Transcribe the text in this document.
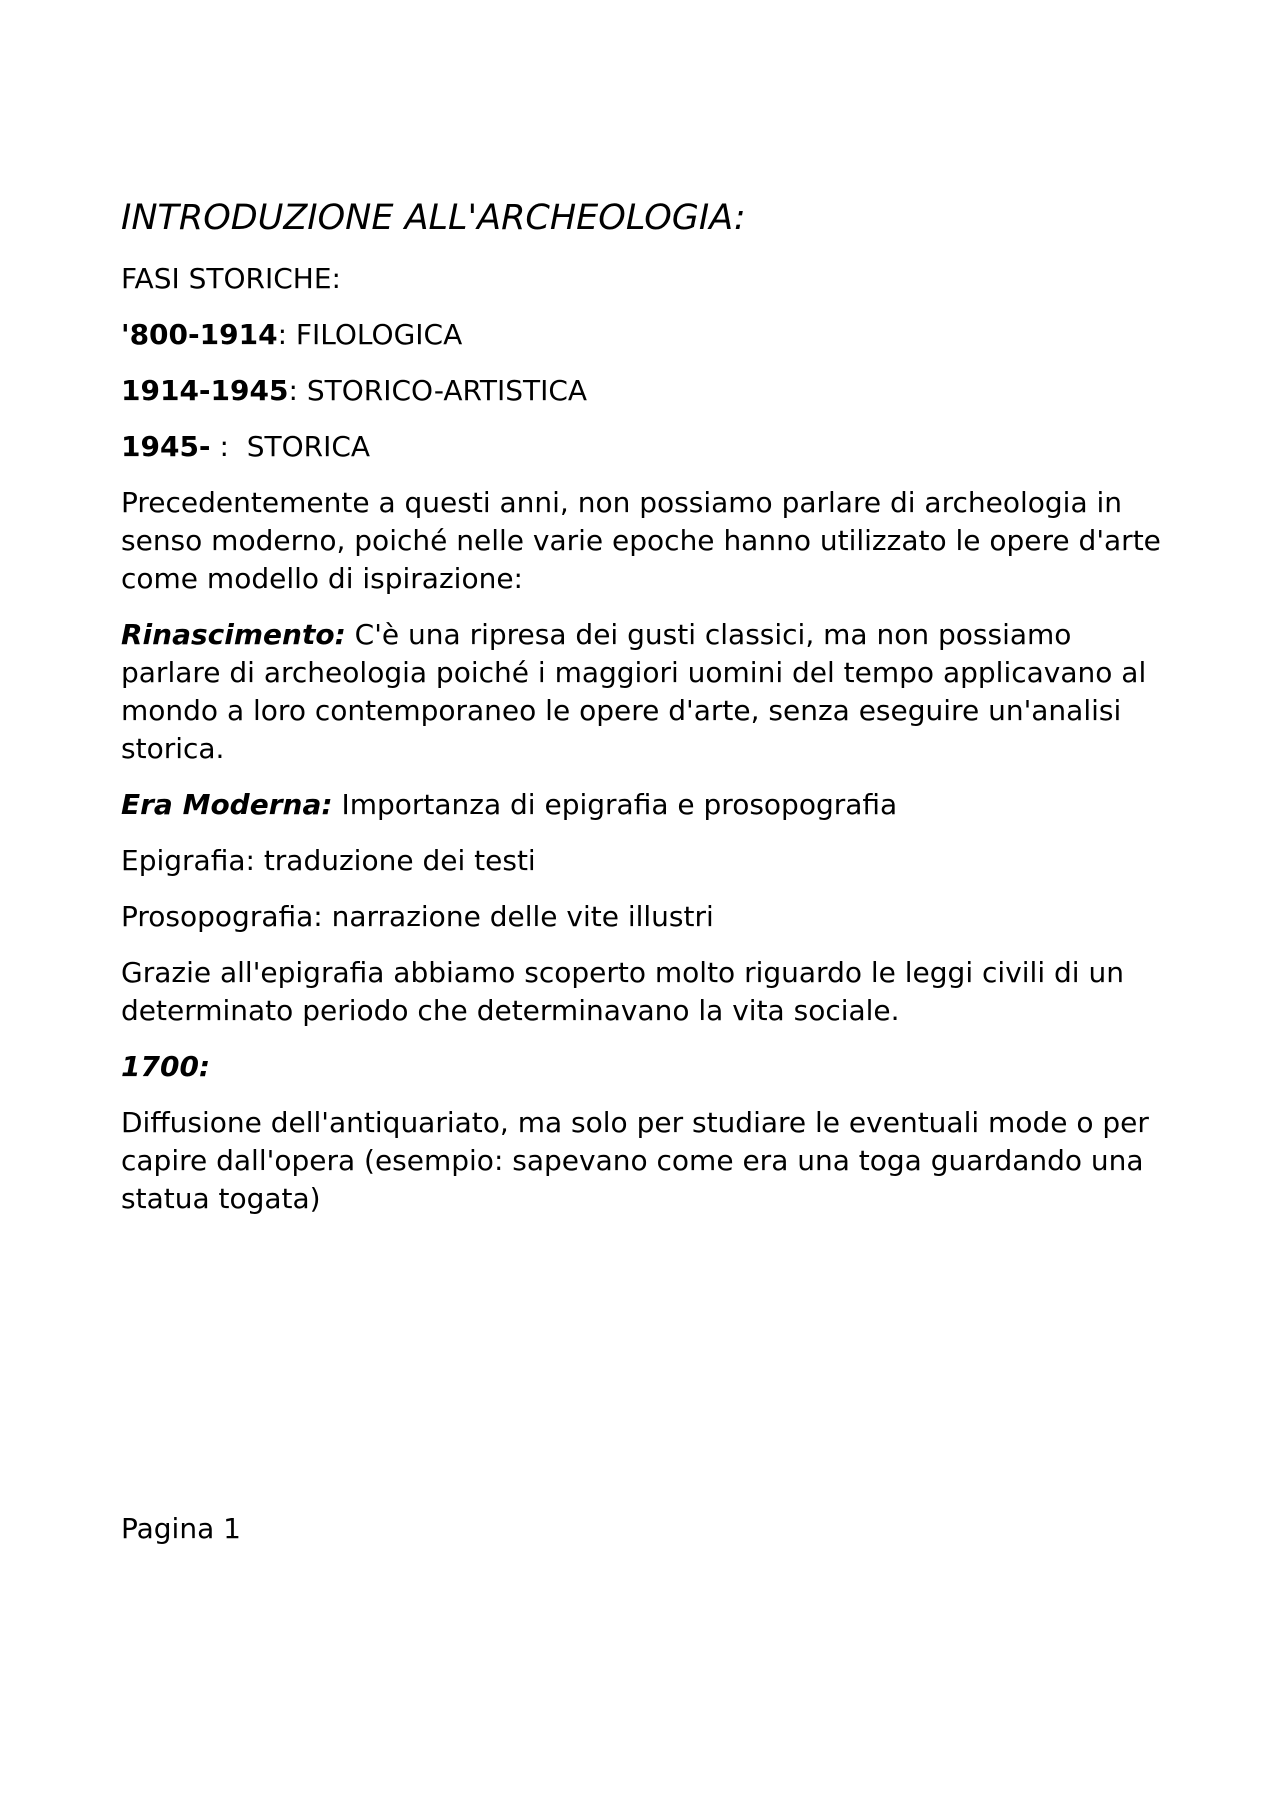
INTRODUZIONE ALL'ARCHEOLOGIA:
FASI STORICHE:
'800-1914: FILOLOGICA
1914-1945: STORICO-ARTISTICA
1945- :  STORICA
Precedentemente a questi anni, non possiamo parlare di archeologia in senso moderno, poiché nelle varie epoche hanno utilizzato le opere d'arte come modello di ispirazione:
Rinascimento: C'è una ripresa dei gusti classici, ma non possiamo parlare di archeologia poiché i maggiori uomini del tempo applicavano al mondo a loro contemporaneo le opere d'arte, senza eseguire un'analisi storica.
Era Moderna: Importanza di epigrafia e prosopografia
Epigrafia: traduzione dei testi
Prosopografia: narrazione delle vite illustri
Grazie all'epigrafia abbiamo scoperto molto riguardo le leggi civili di un determinato periodo che determinavano la vita sociale.
1700:
Diffusione dell'antiquariato, ma solo per studiare le eventuali mode o per capire dall'opera (esempio: sapevano come era una toga guardando una statua togata)
Pagina 1
